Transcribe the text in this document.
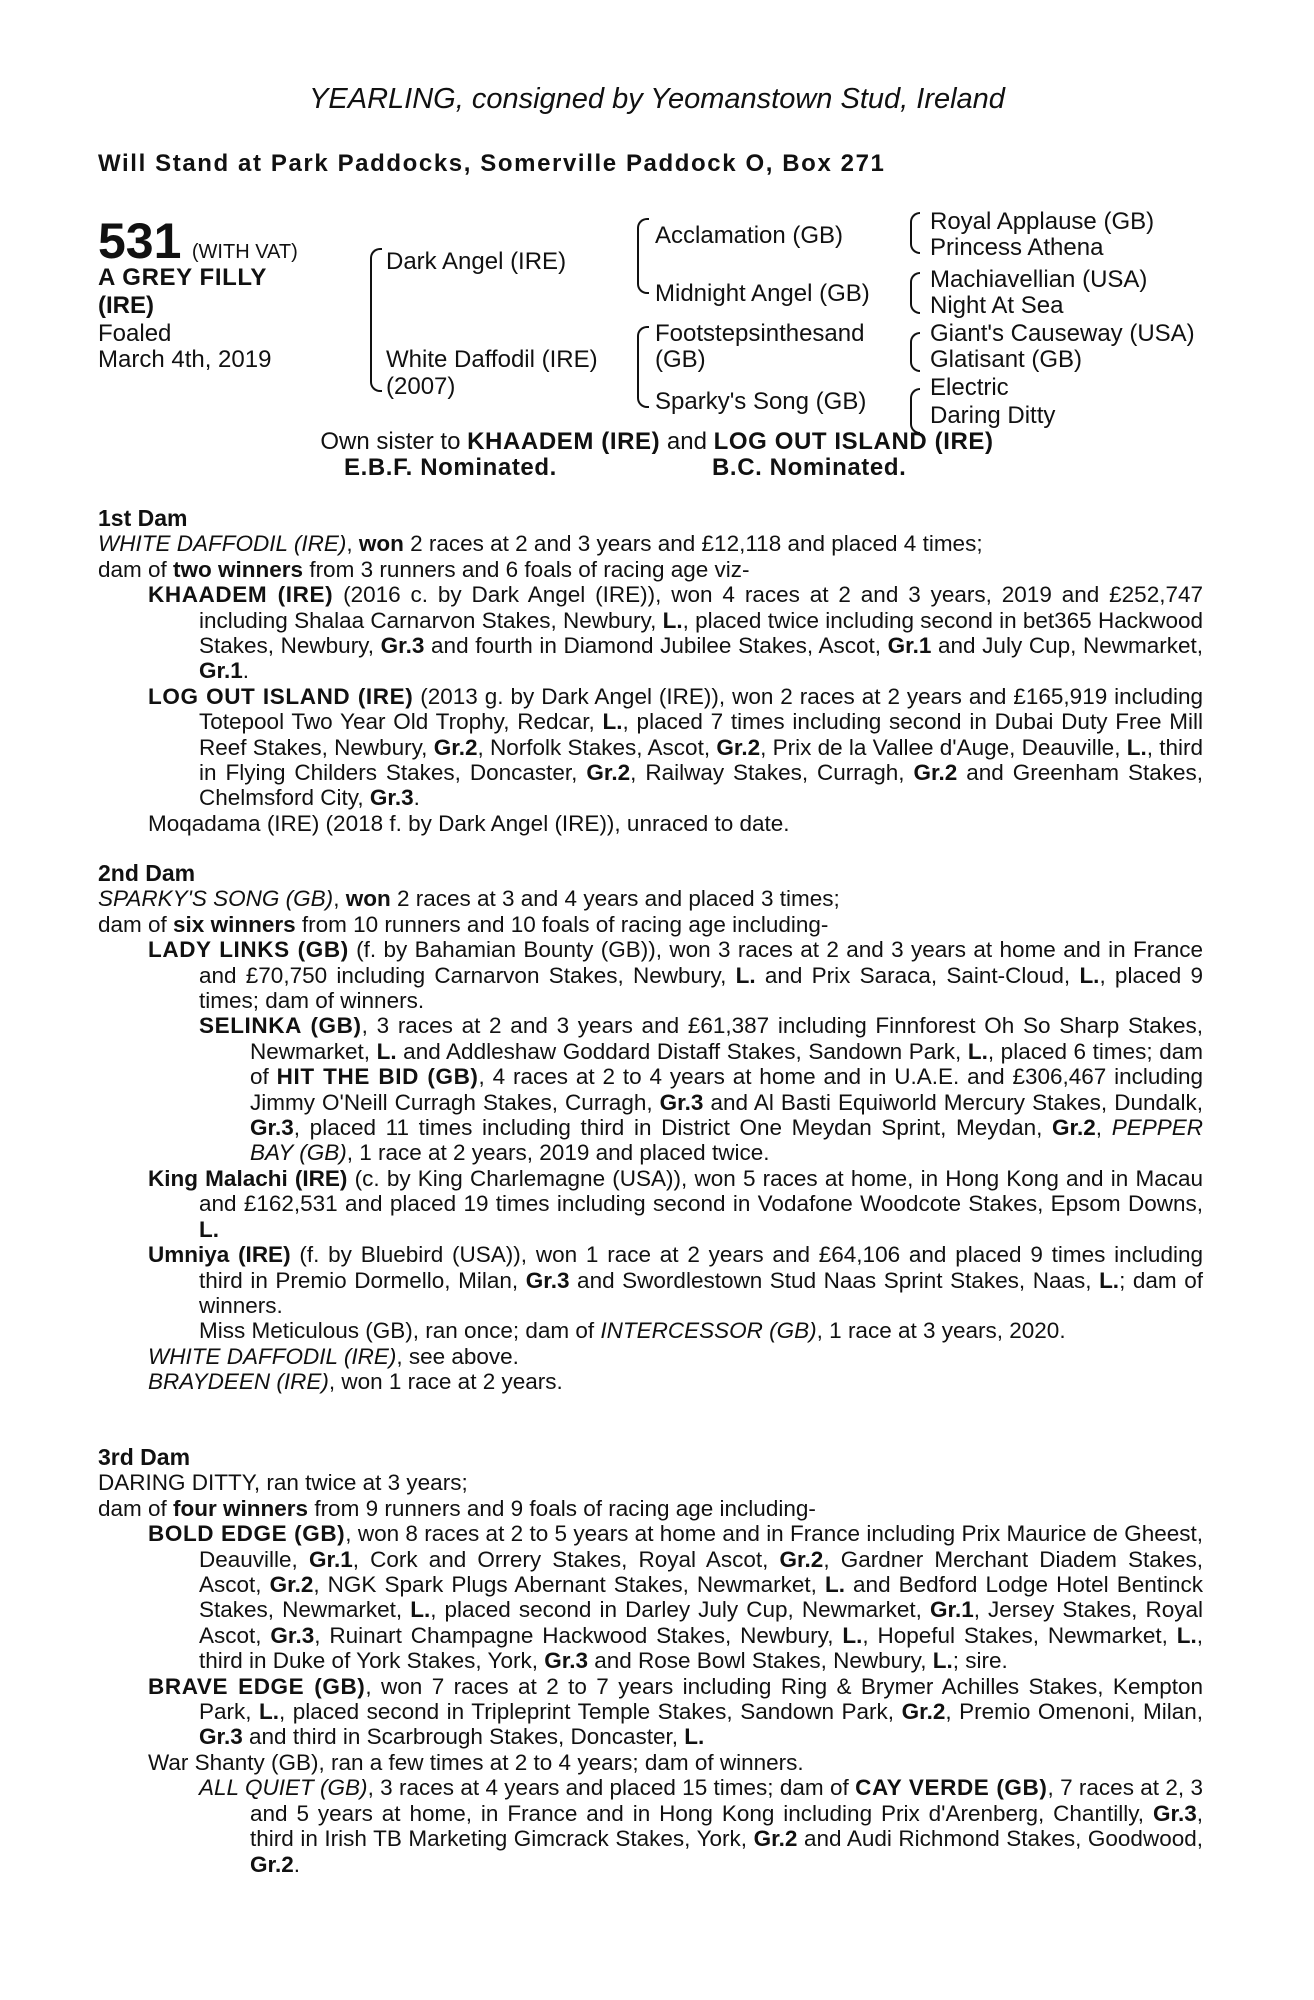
YEARLING, consigned by Yeomanstown Stud, Ireland
Will Stand at Park Paddocks, Somerville Paddock O, Box 271
531 (WITH VAT)
A GREY FILLY
(IRE)
Foaled
March 4th, 2019
Dark Angel (IRE)
White Daffodil (IRE)
(2007)
Acclamation (GB)
Midnight Angel (GB)
Footstepsinthesand
(GB)
Sparky's Song (GB)
Royal Applause (GB)
Princess Athena
Machiavellian (USA)
Night At Sea
Giant's Causeway (USA)
Glatisant (GB)
Electric
Daring Ditty
Own sister to KHAADEM (IRE) and LOG OUT ISLAND (IRE)
E.B.F. Nominated.	B.C. Nominated.
1st Dam

WHITE DAFFODIL (IRE), won 2 races at 2 and 3 years and £12,118 and placed 4 times;

dam of two winners from 3 runners and 6 foals of racing age viz-

KHAADEM (IRE) (2016 c. by Dark Angel (IRE)), won 4 races at 2 and 3 years, 2019 and £252,747 including Shalaa Carnarvon Stakes, Newbury, L., placed twice including second in bet365 Hackwood Stakes, Newbury, Gr.3 and fourth in Diamond Jubilee Stakes, Ascot, Gr.1 and July Cup, Newmarket, Gr.1.

LOG OUT ISLAND (IRE) (2013 g. by Dark Angel (IRE)), won 2 races at 2 years and £165,919 including Totepool Two Year Old Trophy, Redcar, L., placed 7 times including second in Dubai Duty Free Mill Reef Stakes, Newbury, Gr.2, Norfolk Stakes, Ascot, Gr.2, Prix de la Vallee d'Auge, Deauville, L., third in Flying Childers Stakes, Doncaster, Gr.2, Railway Stakes, Curragh, Gr.2 and Greenham Stakes, Chelmsford City, Gr.3.

Moqadama (IRE) (2018 f. by Dark Angel (IRE)), unraced to date.

2nd Dam

SPARKY'S SONG (GB), won 2 races at 3 and 4 years and placed 3 times;

dam of six winners from 10 runners and 10 foals of racing age including-

LADY LINKS (GB) (f. by Bahamian Bounty (GB)), won 3 races at 2 and 3 years at home and in France and £70,750 including Carnarvon Stakes, Newbury, L. and Prix Saraca, Saint-Cloud, L., placed 9 times; dam of winners.

SELINKA (GB), 3 races at 2 and 3 years and £61,387 including Finnforest Oh So Sharp Stakes, Newmarket, L. and Addleshaw Goddard Distaff Stakes, Sandown Park, L., placed 6 times; dam of HIT THE BID (GB), 4 races at 2 to 4 years at home and in U.A.E. and £306,467 including Jimmy O'Neill Curragh Stakes, Curragh, Gr.3 and Al Basti Equiworld Mercury Stakes, Dundalk, Gr.3, placed 11 times including third in District One Meydan Sprint, Meydan, Gr.2, PEPPER BAY (GB), 1 race at 2 years, 2019 and placed twice.

King Malachi (IRE) (c. by King Charlemagne (USA)), won 5 races at home, in Hong Kong and in Macau and £162,531 and placed 19 times including second in Vodafone Woodcote Stakes, Epsom Downs, L.

Umniya (IRE) (f. by Bluebird (USA)), won 1 race at 2 years and £64,106 and placed 9 times including third in Premio Dormello, Milan, Gr.3 and Swordlestown Stud Naas Sprint Stakes, Naas, L.; dam of winners.

Miss Meticulous (GB), ran once; dam of INTERCESSOR (GB), 1 race at 3 years, 2020.

WHITE DAFFODIL (IRE), see above.

BRAYDEEN (IRE), won 1 race at 2 years.

3rd Dam

DARING DITTY, ran twice at 3 years;

dam of four winners from 9 runners and 9 foals of racing age including-

BOLD EDGE (GB), won 8 races at 2 to 5 years at home and in France including Prix Maurice de Gheest, Deauville, Gr.1, Cork and Orrery Stakes, Royal Ascot, Gr.2, Gardner Merchant Diadem Stakes, Ascot, Gr.2, NGK Spark Plugs Abernant Stakes, Newmarket, L. and Bedford Lodge Hotel Bentinck Stakes, Newmarket, L., placed second in Darley July Cup, Newmarket, Gr.1, Jersey Stakes, Royal Ascot, Gr.3, Ruinart Champagne Hackwood Stakes, Newbury, L., Hopeful Stakes, Newmarket, L., third in Duke of York Stakes, York, Gr.3 and Rose Bowl Stakes, Newbury, L.; sire.

BRAVE EDGE (GB), won 7 races at 2 to 7 years including Ring & Brymer Achilles Stakes, Kempton Park, L., placed second in Tripleprint Temple Stakes, Sandown Park, Gr.2, Premio Omenoni, Milan, Gr.3 and third in Scarbrough Stakes, Doncaster, L.

War Shanty (GB), ran a few times at 2 to 4 years; dam of winners.

ALL QUIET (GB), 3 races at 4 years and placed 15 times; dam of CAY VERDE (GB), 7 races at 2, 3 and 5 years at home, in France and in Hong Kong including Prix d'Arenberg, Chantilly, Gr.3, third in Irish TB Marketing Gimcrack Stakes, York, Gr.2 and Audi Richmond Stakes, Goodwood, Gr.2.
